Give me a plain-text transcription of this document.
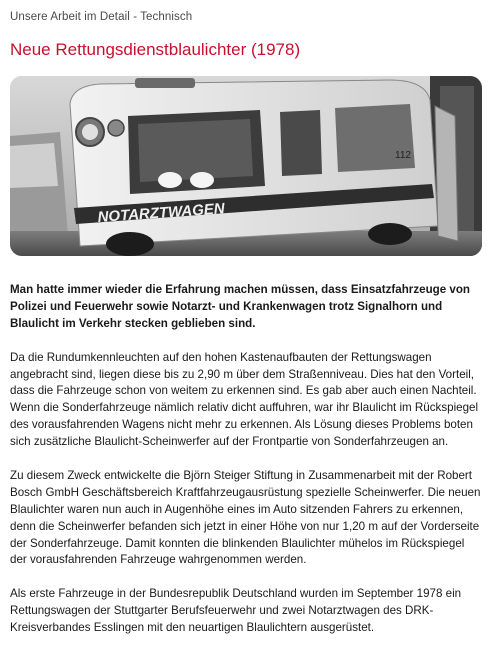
Unsere Arbeit im Detail - Technisch
Neue Rettungsdienstblaulichter (1978)
NOTARZTWAGEN
112

Man hatte immer wieder die Erfahrung machen müssen, dass Einsatzfahrzeuge von Polizei und Feuerwehr sowie Notarzt- und Krankenwagen trotz Signalhorn und Blaulicht im Verkehr stecken geblieben sind.

Da die Rundumkennleuchten auf den hohen Kastenaufbauten der Rettungswagen angebracht sind, liegen diese bis zu 2,90 m über dem Straßenniveau. Dies hat den Vorteil, dass die Fahrzeuge schon von weitem zu erkennen sind. Es gab aber auch einen Nachteil. Wenn die Sonderfahrzeuge nämlich relativ dicht auffuhren, war ihr Blaulicht im Rückspiegel des vorausfahrenden Wagens nicht mehr zu erkennen. Als Lösung dieses Problems boten sich zusätzliche Blaulicht-Scheinwerfer auf der Frontpartie von Sonderfahrzeugen an.

Zu diesem Zweck entwickelte die Björn Steiger Stiftung in Zusammenarbeit mit der Robert Bosch GmbH Geschäftsbereich Kraftfahrzeugausrüstung spezielle Scheinwerfer. Die neuen Blaulichter waren nun auch in Augenhöhe eines im Auto sitzenden Fahrers zu erkennen, denn die Scheinwerfer befanden sich jetzt in einer Höhe von nur 1,20 m auf der Vorderseite der Sonderfahrzeuge. Damit konnten die blinkenden Blaulichter mühelos im Rückspiegel der vorausfahrenden Fahrzeuge wahrgenommen werden.

Als erste Fahrzeuge in der Bundesrepublik Deutschland wurden im September 1978 ein Rettungswagen der Stuttgarter Berufsfeuerwehr und zwei Notarztwagen des DRK-Kreisverbandes Esslingen mit den neuartigen Blaulichtern ausgerüstet.
